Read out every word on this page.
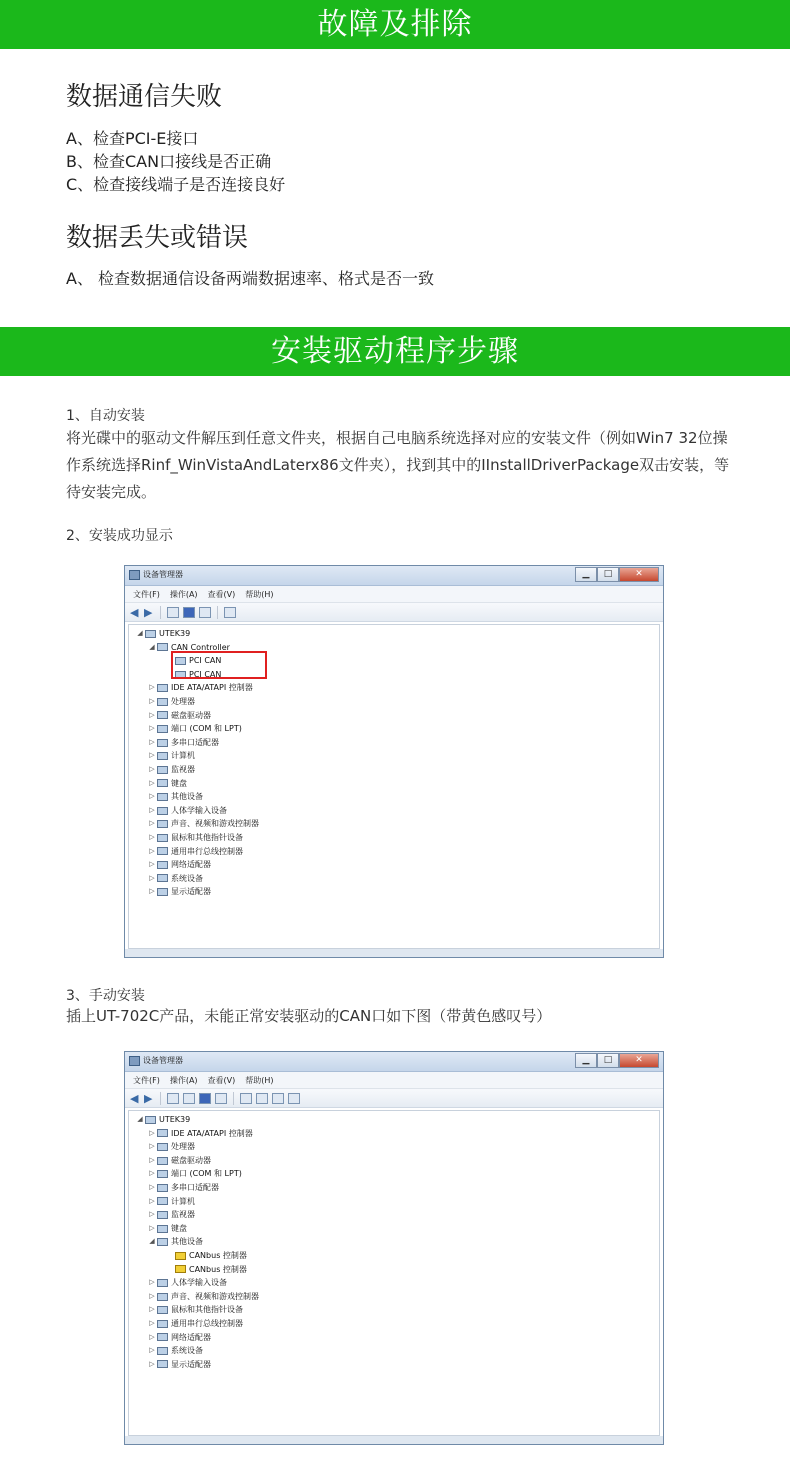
故障及排除
数据通信失败
A、检查PCI-E接口
B、检查CAN口接线是否正确
C、检查接线端子是否连接良好
数据丢失或错误
A、 检查数据通信设备两端数据速率、格式是否一致
安装驱动程序步骤
1、自动安装
将光碟中的驱动文件解压到任意文件夹，根据自己电脑系统选择对应的安装文件（例如Win7 32位操作系统选择Rinf_WinVistaAndLaterx86文件夹），找到其中的IInstallDriverPackage双击安装，等待安装完成。
2、安装成功显示
设备管理器	▁	□	✕
文件(F) 操作(A) 查看(V) 帮助(H)
◀ ▶
◢ UTEK39
◢ CAN Controller
PCI CAN
PCI CAN
▷ IDE ATA/ATAPI 控制器
▷ 处理器
▷ 磁盘驱动器
▷ 端口 (COM 和 LPT)
▷ 多串口适配器
▷ 计算机
▷ 监视器
▷ 键盘
▷ 其他设备
▷ 人体学输入设备
▷ 声音、视频和游戏控制器
▷ 鼠标和其他指针设备
▷ 通用串行总线控制器
▷ 网络适配器
▷ 系统设备
▷ 显示适配器
3、手动安装
插上UT-702C产品，未能正常安装驱动的CAN口如下图（带黄色感叹号）
设备管理器	▁	□	✕
文件(F) 操作(A) 查看(V) 帮助(H)
◀ ▶
◢ UTEK39
▷ IDE ATA/ATAPI 控制器
▷ 处理器
▷ 磁盘驱动器
▷ 端口 (COM 和 LPT)
▷ 多串口适配器
▷ 计算机
▷ 监视器
▷ 键盘
◢ 其他设备
CANbus 控制器
CANbus 控制器
▷ 人体学输入设备
▷ 声音、视频和游戏控制器
▷ 鼠标和其他指针设备
▷ 通用串行总线控制器
▷ 网络适配器
▷ 系统设备
▷ 显示适配器
